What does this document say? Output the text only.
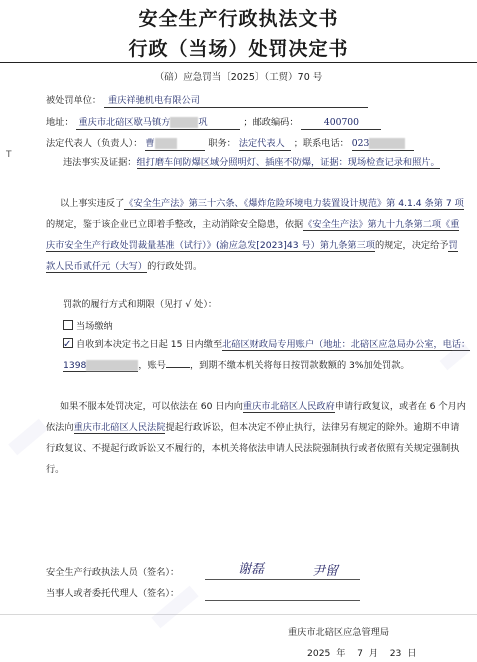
安全生产行政执法文书
行政（当场）处罚决定书
（碚）应急罚当〔2025〕（工贸）70 号
T
被处罚单位： 重庆祥驰机电有限公司
地址： 重庆市北碚区歇马镇方	巩	；邮政编码：	400700
法定代表人（负责人）： 曹	职务： 法定代表人 ；联系电话： 023
违法事实及证据：组打磨车间防爆区域分照明灯、插座不防爆，证据：现场检查记录和照片。
以上事实违反了《安全生产法》第三十六条、《爆炸危险环境电力装置设计规范》第 4.1.4 条第 7 项的规定，鉴于该企业已立即着手整改，主动消除安全隐患，依据《安全生产法》第九十九条第二项《重庆市安全生产行政处罚裁量基准（试行）》(渝应急发[2023]43 号）第九条第三项的规定，决定给予罚款人民币贰仟元（大写）的行政处罚。
罚款的履行方式和期限（见打 √ 处）：
当场缴纳
✓自收到本决定书之日起 15 日内缴至北碚区财政局专用账户（地址：北碚区应急局办公室，电话：1398	，账号	，到期不缴本机关将每日按罚款数额的 3%加处罚款。
如果不服本处罚决定，可以依法在 60 日内向重庆市北碚区人民政府申请行政复议，或者在 6 个月内依法向重庆市北碚区人民法院提起行政诉讼，但本决定不停止执行，法律另有规定的除外。逾期不申请行政复议、不提起行政诉讼又不履行的，本机关将依法申请人民法院强制执行或者依照有关规定强制执行。
安全生产行政执法人员（签名）：	谢磊	尹留
当事人或者委托代理人（签名）：
重庆市北碚区应急管理局
2025 年 7 月 23 日
